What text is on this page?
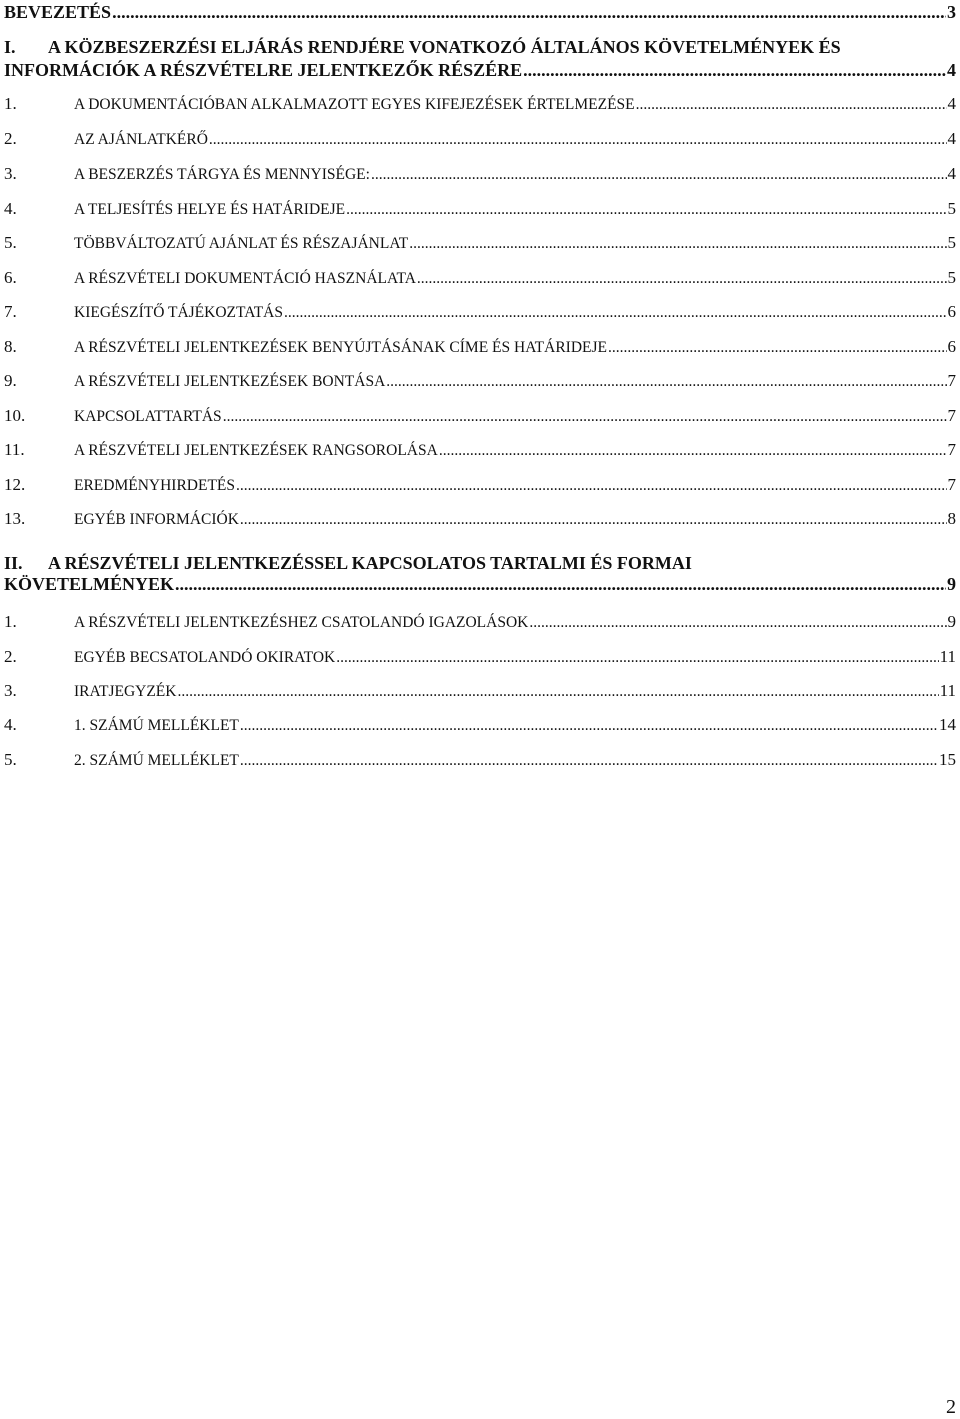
BEVEZETÉS .....	3
I.	A KÖZBESZERZÉSI ELJÁRÁS RENDJÉRE VONATKOZÓ ÁLTALÁNOS KÖVETELMÉNYEK ÉS
INFORMÁCIÓK A RÉSZVÉTELRE JELENTKEZŐK RÉSZÉRE .....	4
1.	A DOKUMENTÁCIÓBAN ALKALMAZOTT EGYES KIFEJEZÉSEK ÉRTELMEZÉSE .....	4
2.	AZ AJÁNLATKÉRŐ .....	4
3.	A BESZERZÉS TÁRGYA ÉS MENNYISÉGE: .....	4
4.	A TELJESÍTÉS HELYE ÉS HATÁRIDEJE .....	5
5.	TÖBBVÁLTOZATÚ AJÁNLAT ÉS RÉSZAJÁNLAT .....	5
6.	A RÉSZVÉTELI DOKUMENTÁCIÓ HASZNÁLATA .....	5
7.	KIEGÉSZÍTŐ TÁJÉKOZTATÁS .....	6
8.	A RÉSZVÉTELI JELENTKEZÉSEK BENYÚJTÁSÁNAK CÍME ÉS HATÁRIDEJE .....	6
9.	A RÉSZVÉTELI JELENTKEZÉSEK BONTÁSA .....	7
10.	KAPCSOLATTARTÁS .....	7
11.	A RÉSZVÉTELI JELENTKEZÉSEK RANGSOROLÁSA .....	7
12.	EREDMÉNYHIRDETÉS .....	7
13.	EGYÉB INFORMÁCIÓK .....	8
II.	A RÉSZVÉTELI JELENTKEZÉSSEL KAPCSOLATOS TARTALMI ÉS FORMAI
KÖVETELMÉNYEK .....	9
1.	A RÉSZVÉTELI JELENTKEZÉSHEZ CSATOLANDÓ IGAZOLÁSOK .....	9
2.	EGYÉB BECSATOLANDÓ OKIRATOK .....	11
3.	IRATJEGYZÉK .....	11
4.	1. SZÁMÚ MELLÉKLET .....	14
5.	2. SZÁMÚ MELLÉKLET .....	15
2
